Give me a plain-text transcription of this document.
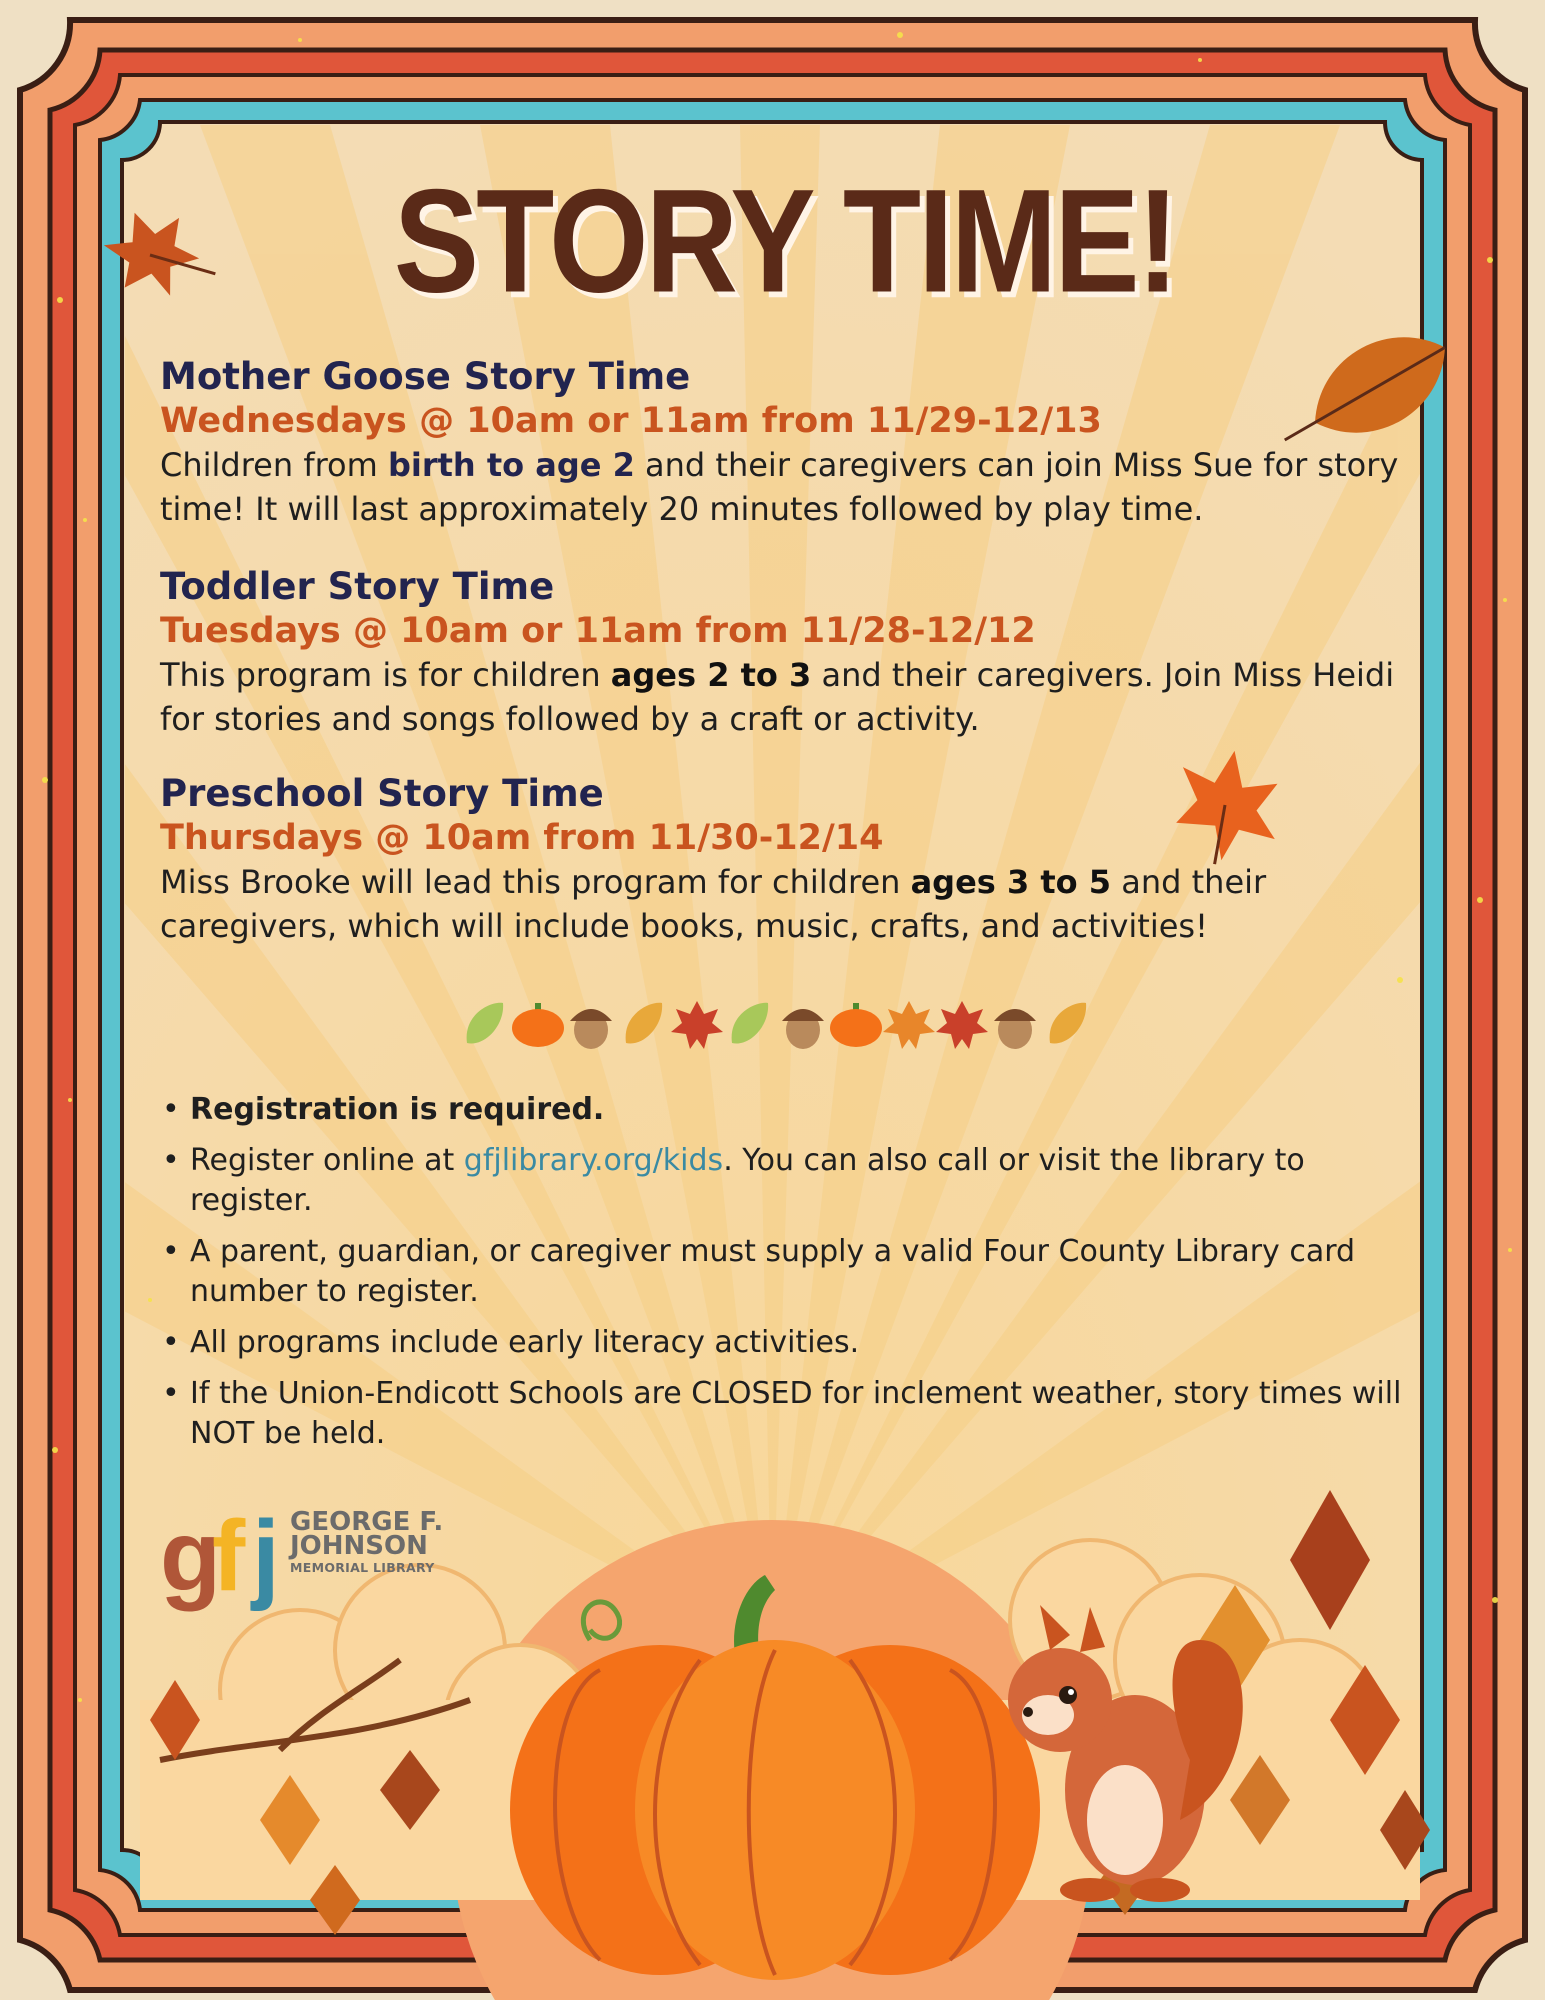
g
f j
STORY TIME!
Mother Goose Story Time
Wednesdays @ 10am or 11am from 11/29-12/13
Children from birth to age 2 and their caregivers can join Miss Sue for story time! It will last approximately 20 minutes followed by play time.
Toddler Story Time
Tuesdays @ 10am or 11am from 11/28-12/12
This program is for children ages 2 to 3 and their caregivers. Join Miss Heidi for stories and songs followed by a craft or activity.
Preschool Story Time
Thursdays @ 10am from 11/30-12/14
Miss Brooke will lead this program for children ages 3 to 5 and their caregivers, which will include books, music, crafts, and activities!
• Registration is required.
• Register online at gfjlibrary.org/kids. You can also call or visit the library to register.
• A parent, guardian, or caregiver must supply a valid Four County Library card number to register.
• All programs include early literacy activities.
• If the Union-Endicott Schools are CLOSED for inclement weather, story times will NOT be held.
GEORGE F.
JOHNSON
MEMORIAL LIBRARY
